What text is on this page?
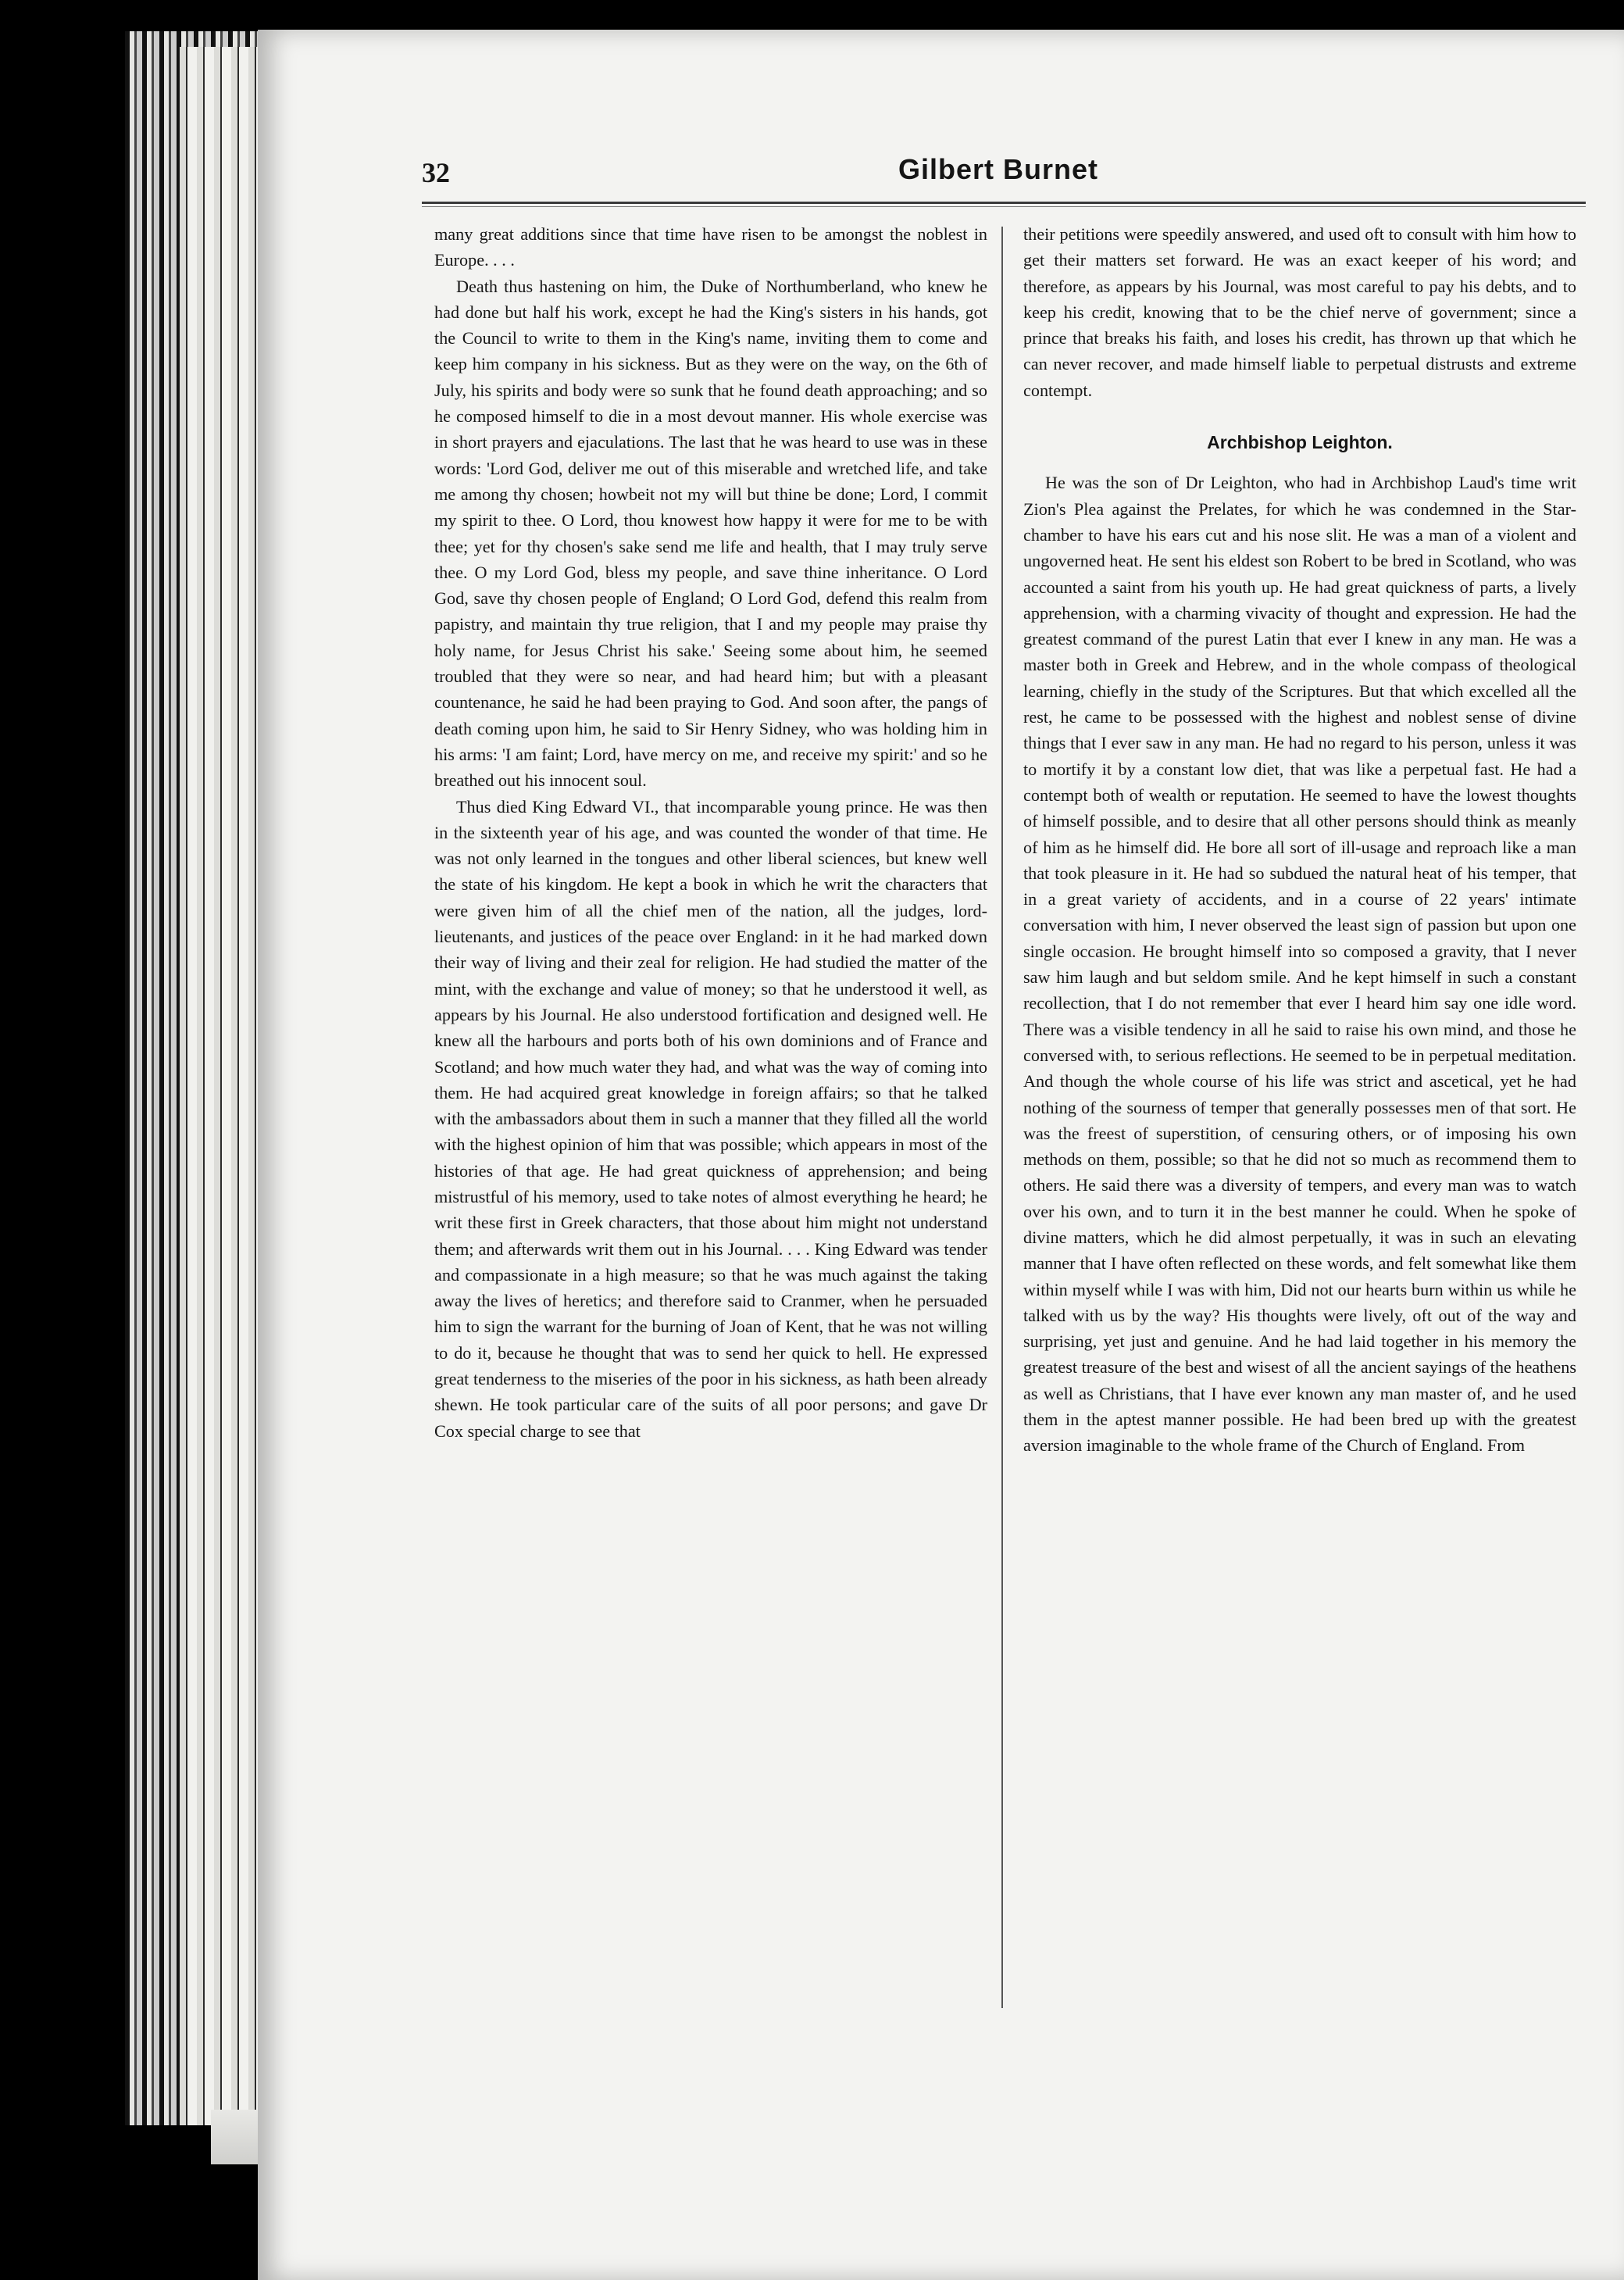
32	Gilbert Burnet

many great additions since that time have risen to be amongst the noblest in Europe. . . .

Death thus hastening on him, the Duke of Northumberland, who knew he had done but half his work, except he had the King's sisters in his hands, got the Council to write to them in the King's name, inviting them to come and keep him company in his sickness. But as they were on the way, on the 6th of July, his spirits and body were so sunk that he found death approaching; and so he composed himself to die in a most devout manner. His whole exercise was in short prayers and ejaculations. The last that he was heard to use was in these words: 'Lord God, deliver me out of this miserable and wretched life, and take me among thy chosen; howbeit not my will but thine be done; Lord, I commit my spirit to thee. O Lord, thou knowest how happy it were for me to be with thee; yet for thy chosen's sake send me life and health, that I may truly serve thee. O my Lord God, bless my people, and save thine inheritance. O Lord God, save thy chosen people of England; O Lord God, defend this realm from papistry, and maintain thy true religion, that I and my people may praise thy holy name, for Jesus Christ his sake.' Seeing some about him, he seemed troubled that they were so near, and had heard him; but with a pleasant countenance, he said he had been praying to God. And soon after, the pangs of death coming upon him, he said to Sir Henry Sidney, who was holding him in his arms: 'I am faint; Lord, have mercy on me, and receive my spirit:' and so he breathed out his innocent soul.

Thus died King Edward VI., that incomparable young prince. He was then in the sixteenth year of his age, and was counted the wonder of that time. He was not only learned in the tongues and other liberal sciences, but knew well the state of his kingdom. He kept a book in which he writ the characters that were given him of all the chief men of the nation, all the judges, lord-lieutenants, and justices of the peace over England: in it he had marked down their way of living and their zeal for religion. He had studied the matter of the mint, with the exchange and value of money; so that he understood it well, as appears by his Journal. He also understood fortification and designed well. He knew all the harbours and ports both of his own dominions and of France and Scotland; and how much water they had, and what was the way of coming into them. He had acquired great knowledge in foreign affairs; so that he talked with the ambassadors about them in such a manner that they filled all the world with the highest opinion of him that was possible; which appears in most of the histories of that age. He had great quickness of apprehension; and being mistrustful of his memory, used to take notes of almost everything he heard; he writ these first in Greek characters, that those about him might not understand them; and afterwards writ them out in his Journal. . . . King Edward was tender and compassionate in a high measure; so that he was much against the taking away the lives of heretics; and therefore said to Cranmer, when he persuaded him to sign the warrant for the burning of Joan of Kent, that he was not willing to do it, because he thought that was to send her quick to hell. He expressed great tenderness to the miseries of the poor in his sickness, as hath been already shewn. He took particular care of the suits of all poor persons; and gave Dr Cox special charge to see that

their petitions were speedily answered, and used oft to consult with him how to get their matters set forward. He was an exact keeper of his word; and therefore, as appears by his Journal, was most careful to pay his debts, and to keep his credit, knowing that to be the chief nerve of government; since a prince that breaks his faith, and loses his credit, has thrown up that which he can never recover, and made himself liable to perpetual distrusts and extreme contempt.

Archbishop Leighton.

He was the son of Dr Leighton, who had in Archbishop Laud's time writ Zion's Plea against the Prelates, for which he was condemned in the Star-chamber to have his ears cut and his nose slit. He was a man of a violent and ungoverned heat. He sent his eldest son Robert to be bred in Scotland, who was accounted a saint from his youth up. He had great quickness of parts, a lively apprehension, with a charming vivacity of thought and expression. He had the greatest command of the purest Latin that ever I knew in any man. He was a master both in Greek and Hebrew, and in the whole compass of theological learning, chiefly in the study of the Scriptures. But that which excelled all the rest, he came to be possessed with the highest and noblest sense of divine things that I ever saw in any man. He had no regard to his person, unless it was to mortify it by a constant low diet, that was like a perpetual fast. He had a contempt both of wealth or reputation. He seemed to have the lowest thoughts of himself possible, and to desire that all other persons should think as meanly of him as he himself did. He bore all sort of ill-usage and reproach like a man that took pleasure in it. He had so subdued the natural heat of his temper, that in a great variety of accidents, and in a course of 22 years' intimate conversation with him, I never observed the least sign of passion but upon one single occasion. He brought himself into so composed a gravity, that I never saw him laugh and but seldom smile. And he kept himself in such a constant recollection, that I do not remember that ever I heard him say one idle word. There was a visible tendency in all he said to raise his own mind, and those he conversed with, to serious reflections. He seemed to be in perpetual meditation. And though the whole course of his life was strict and ascetical, yet he had nothing of the sourness of temper that generally possesses men of that sort. He was the freest of superstition, of censuring others, or of imposing his own methods on them, possible; so that he did not so much as recommend them to others. He said there was a diversity of tempers, and every man was to watch over his own, and to turn it in the best manner he could. When he spoke of divine matters, which he did almost perpetually, it was in such an elevating manner that I have often reflected on these words, and felt somewhat like them within myself while I was with him, Did not our hearts burn within us while he talked with us by the way? His thoughts were lively, oft out of the way and surprising, yet just and genuine. And he had laid together in his memory the greatest treasure of the best and wisest of all the ancient sayings of the heathens as well as Christians, that I have ever known any man master of, and he used them in the aptest manner possible. He had been bred up with the greatest aversion imaginable to the whole frame of the Church of England. From
